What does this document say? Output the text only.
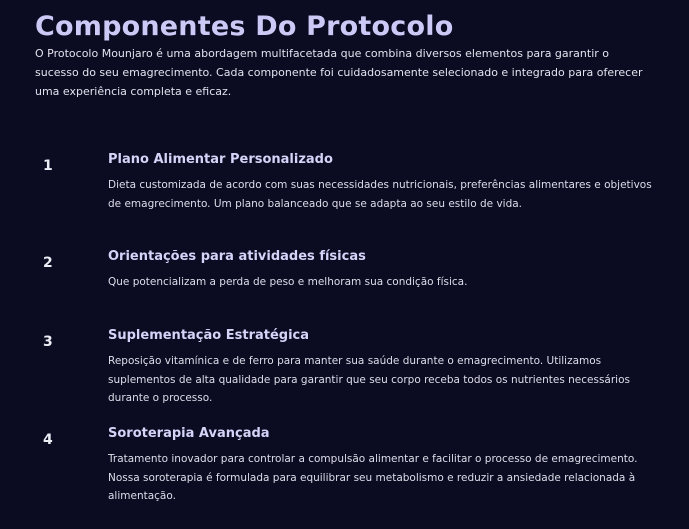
Componentes Do Protocolo

O Protocolo Mounjaro é uma abordagem multifacetada que combina diversos elementos para garantir o sucesso do seu emagrecimento. Cada componente foi cuidadosamente selecionado e integrado para oferecer uma experiência completa e eficaz.

1	Plano Alimentar Personalizado

Dieta customizada de acordo com suas necessidades nutricionais, preferências alimentares e objetivos de emagrecimento. Um plano balanceado que se adapta ao seu estilo de vida.

2	Orientações para atividades físicas

Que potencializam a perda de peso e melhoram sua condição física.

3	Suplementação Estratégica

Reposição vitamínica e de ferro para manter sua saúde durante o emagrecimento. Utilizamos suplementos de alta qualidade para garantir que seu corpo receba todos os nutrientes necessários durante o processo.

4	Soroterapia Avançada

Tratamento inovador para controlar a compulsão alimentar e facilitar o processo de emagrecimento. Nossa soroterapia é formulada para equilibrar seu metabolismo e reduzir a ansiedade relacionada à alimentação.
